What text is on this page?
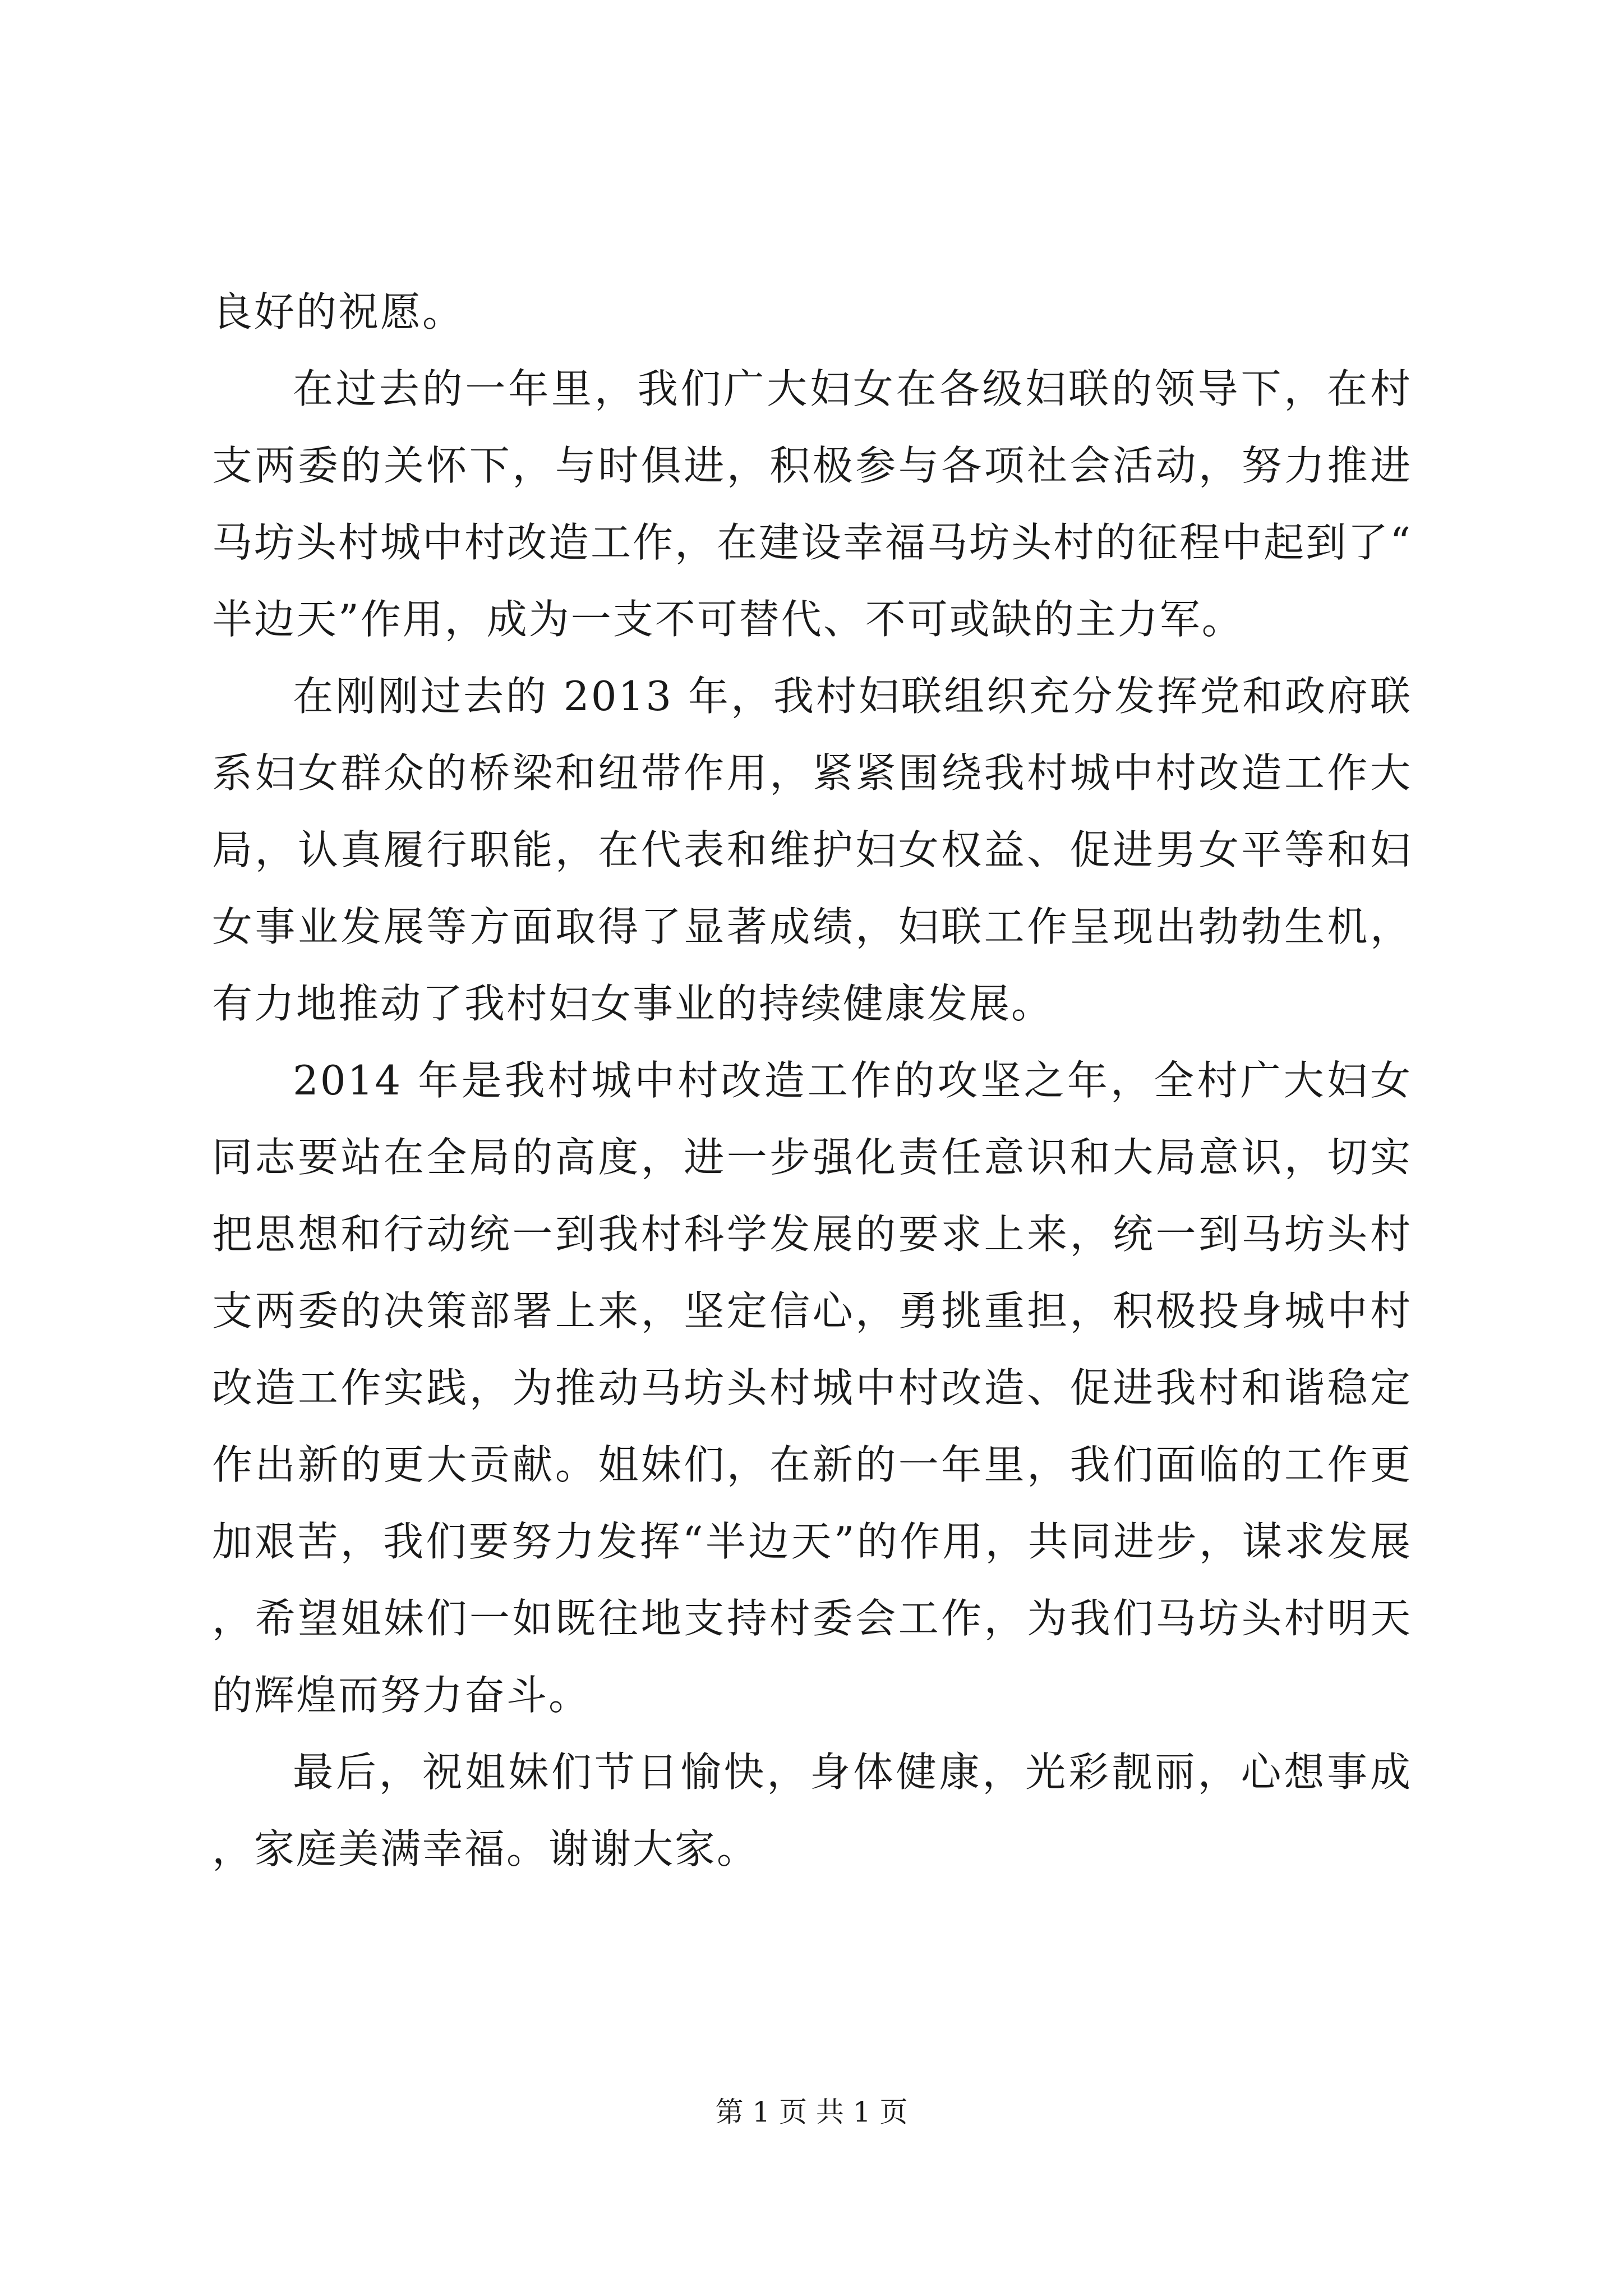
良好的祝愿。

在过去的一年里，我们广大妇女在各级妇联的领导下，在村支两委的关怀下，与时俱进，积极参与各项社会活动，努力推进马坊头村城中村改造工作，在建设幸福马坊头村的征程中起到了“半边天”作用，成为一支不可替代、不可或缺的主力军。

在刚刚过去的 2013 年，我村妇联组织充分发挥党和政府联系妇女群众的桥梁和纽带作用，紧紧围绕我村城中村改造工作大局，认真履行职能，在代表和维护妇女权益、促进男女平等和妇女事业发展等方面取得了显著成绩，妇联工作呈现出勃勃生机，有力地推动了我村妇女事业的持续健康发展。

2014 年是我村城中村改造工作的攻坚之年，全村广大妇女同志要站在全局的高度，进一步强化责任意识和大局意识，切实把思想和行动统一到我村科学发展的要求上来，统一到马坊头村支两委的决策部署上来，坚定信心，勇挑重担，积极投身城中村改造工作实践，为推动马坊头村城中村改造、促进我村和谐稳定作出新的更大贡献。姐妹们，在新的一年里，我们面临的工作更加艰苦，我们要努力发挥“半边天”的作用，共同进步，谋求发展，希望姐妹们一如既往地支持村委会工作，为我们马坊头村明天的辉煌而努力奋斗。

最后，祝姐妹们节日愉快，身体健康，光彩靓丽，心想事成，家庭美满幸福。谢谢大家。

第 1 页 共 1 页
